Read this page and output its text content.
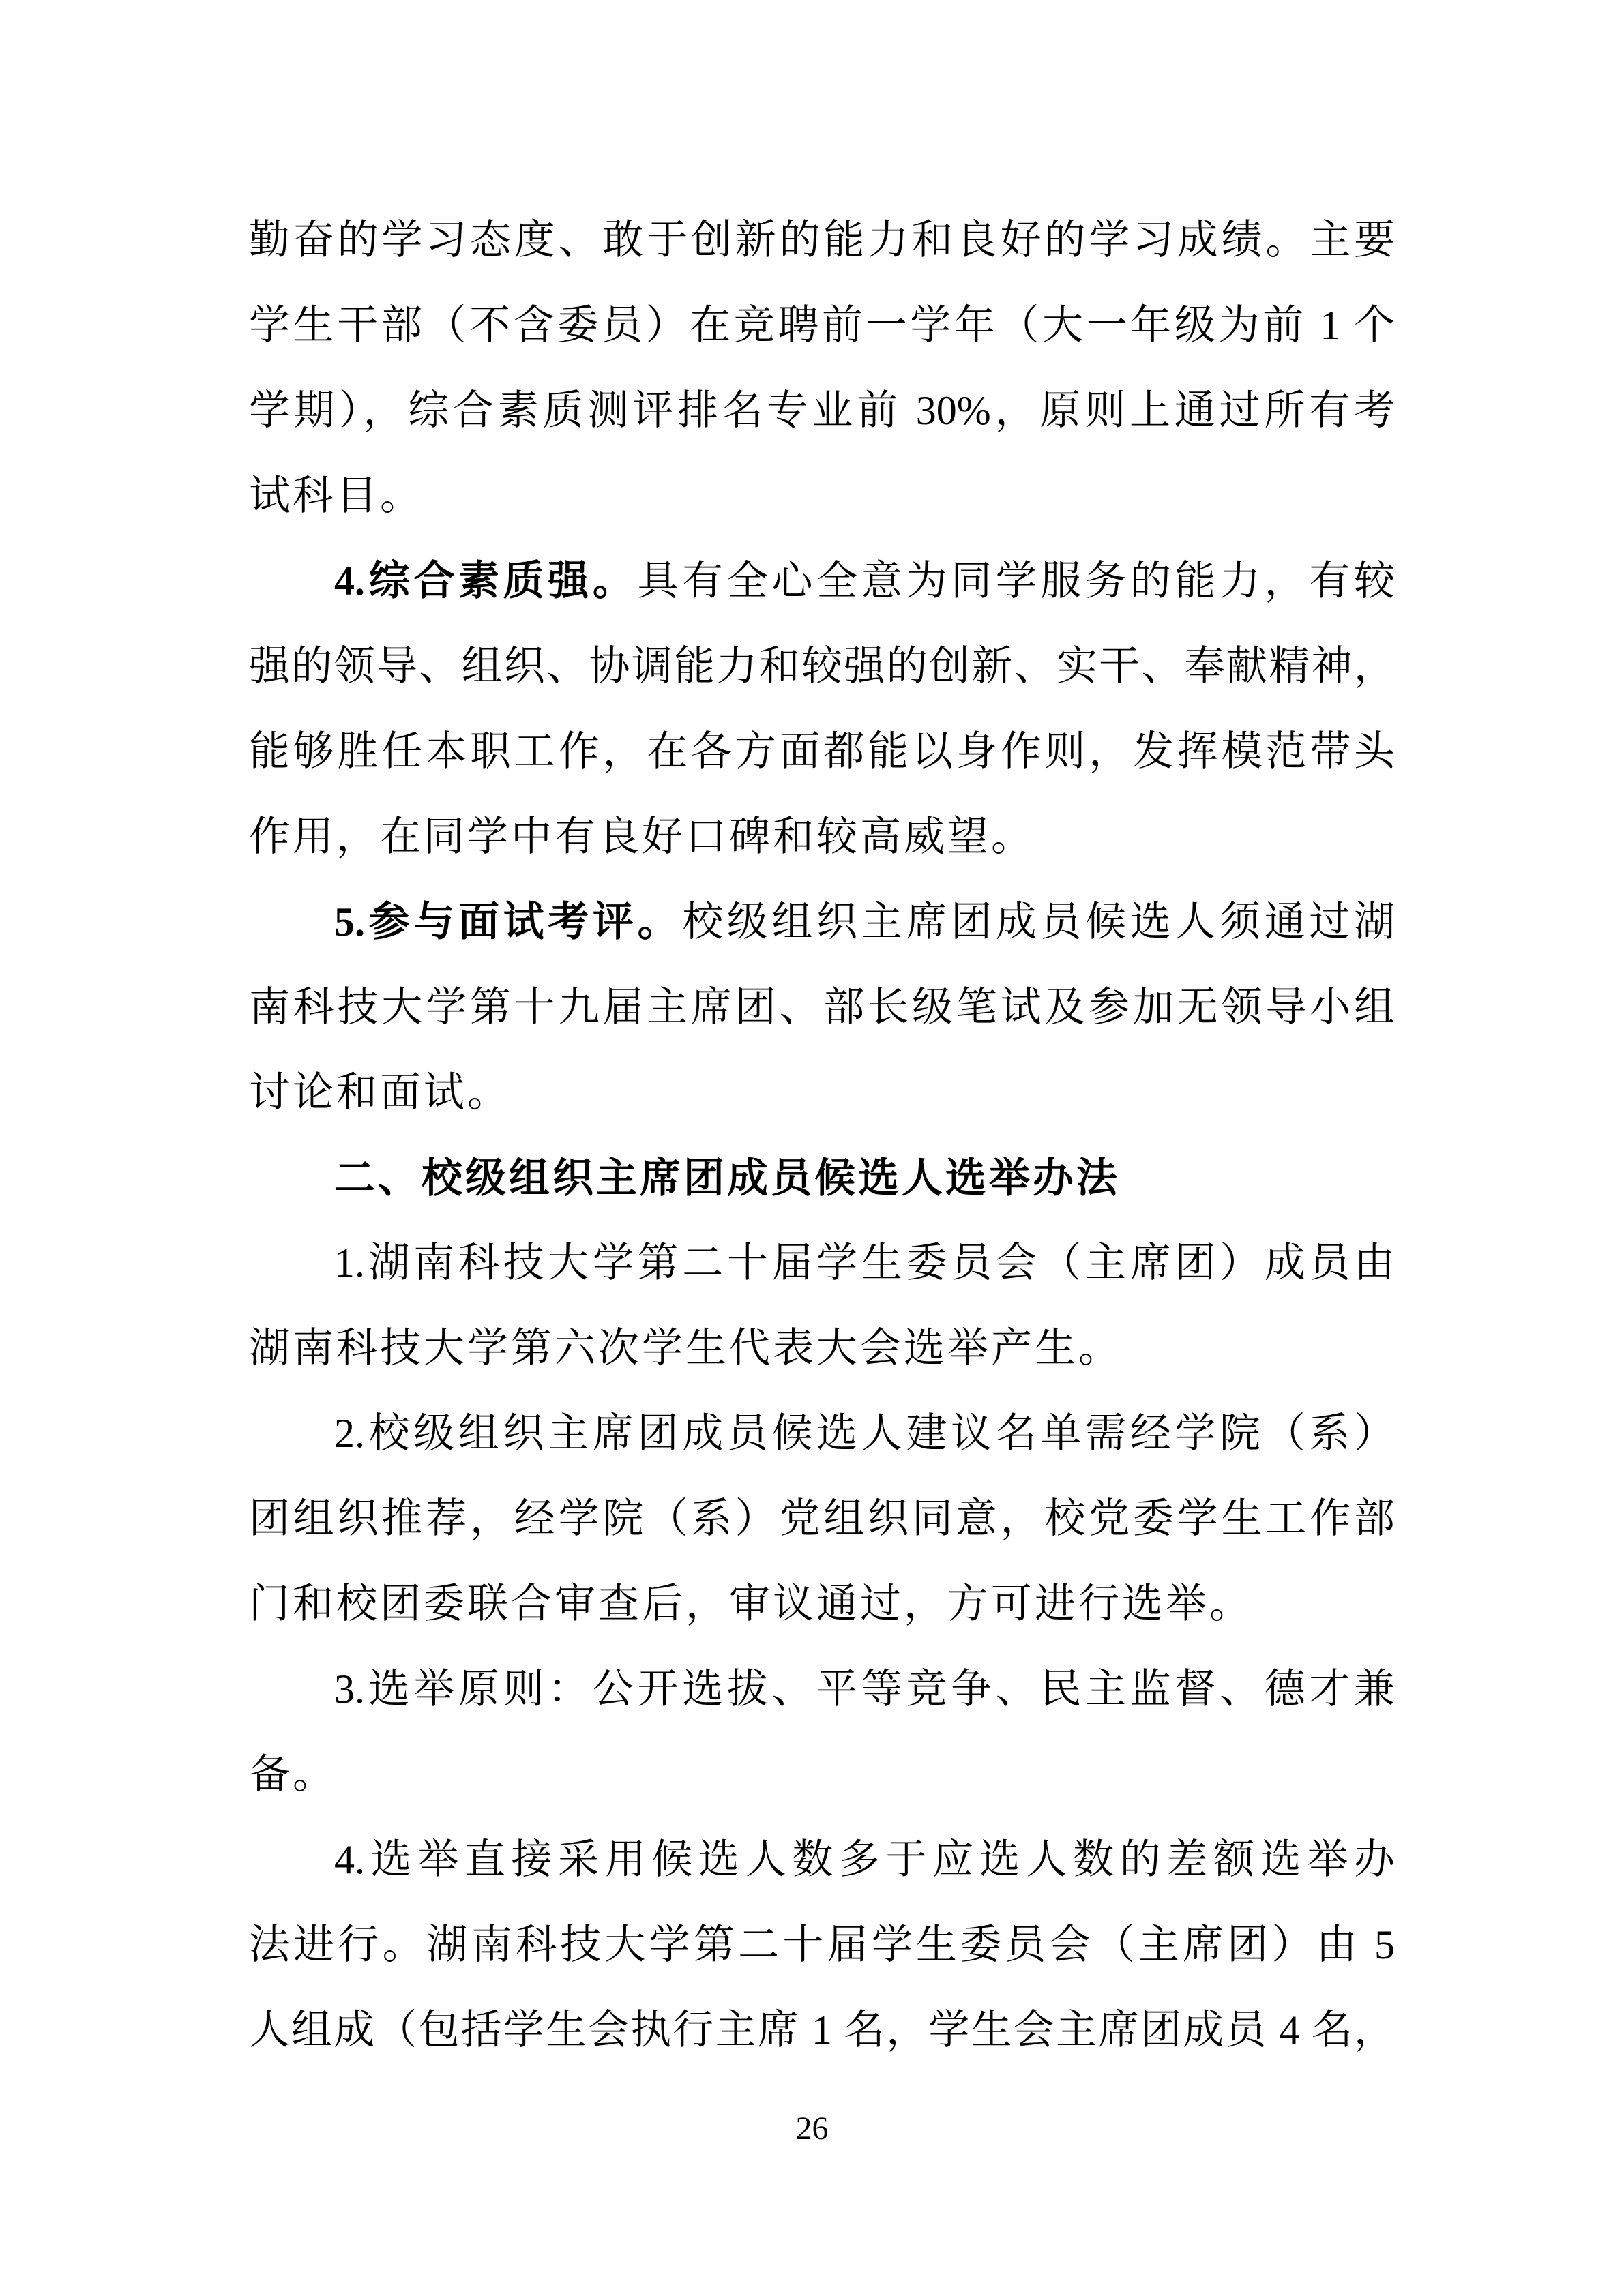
勤奋的学习态度、敢于创新的能力和良好的学习成绩。主要
学生干部（不含委员）在竞聘前一学年（大一年级为前 1 个
学期），综合素质测评排名专业前 30%，原则上通过所有考
试科目。
4.综合素质强。具有全心全意为同学服务的能力，有较
强的领导、组织、协调能力和较强的创新、实干、奉献精神，
能够胜任本职工作，在各方面都能以身作则，发挥模范带头
作用，在同学中有良好口碑和较高威望。
5.参与面试考评。校级组织主席团成员候选人须通过湖
南科技大学第十九届主席团、部长级笔试及参加无领导小组
讨论和面试。
二、校级组织主席团成员候选人选举办法
1.湖南科技大学第二十届学生委员会（主席团）成员由
湖南科技大学第六次学生代表大会选举产生。
2.校级组织主席团成员候选人建议名单需经学院（系）
团组织推荐，经学院（系）党组织同意，校党委学生工作部
门和校团委联合审查后，审议通过，方可进行选举。
3.选举原则：公开选拔、平等竞争、民主监督、德才兼
备。
4.选举直接采用候选人数多于应选人数的差额选举办
法进行。湖南科技大学第二十届学生委员会（主席团）由 5
人组成（包括学生会执行主席 1 名，学生会主席团成员 4 名，
26
